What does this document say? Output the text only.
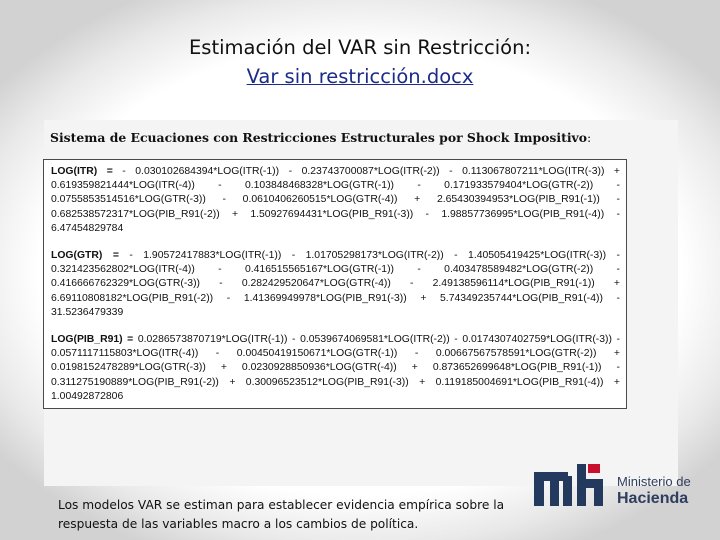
Estimación del VAR sin Restricción:
Var sin restricción.docx
Sistema de Ecuaciones con Restricciones Estructurales por Shock Impositivo:

LOG(ITR) = - 0.030102684394*LOG(ITR(-1)) - 0.23743700087*LOG(ITR(-2)) - 0.113067807211*LOG(ITR(-3)) + 0.619359821444*LOG(ITR(-4)) - 0.103848468328*LOG(GTR(-1)) - 0.171933579404*LOG(GTR(-2)) - 0.0755853514516*LOG(GTR(-3)) - 0.0610406260515*LOG(GTR(-4)) + 2.65430394953*LOG(PIB_R91(-1)) - 0.682538572317*LOG(PIB_R91(-2)) + 1.50927694431*LOG(PIB_R91(-3)) - 1.98857736995*LOG(PIB_R91(-4)) - 6.47454829784

LOG(GTR) = - 1.90572417883*LOG(ITR(-1)) - 1.01705298173*LOG(ITR(-2)) - 1.40505419425*LOG(ITR(-3)) - 0.321423562802*LOG(ITR(-4)) - 0.416515565167*LOG(GTR(-1)) - 0.403478589482*LOG(GTR(-2)) - 0.416666762329*LOG(GTR(-3)) - 0.282429520647*LOG(GTR(-4)) - 2.49138596114*LOG(PIB_R91(-1)) + 6.69110808182*LOG(PIB_R91(-2)) - 1.41369949978*LOG(PIB_R91(-3)) + 5.74349235744*LOG(PIB_R91(-4)) - 31.5236479339

LOG(PIB_R91) = 0.0286573870719*LOG(ITR(-1)) - 0.0539674069581*LOG(ITR(-2)) - 0.0174307402759*LOG(ITR(-3)) - 0.0571117115803*LOG(ITR(-4)) - 0.00450419150671*LOG(GTR(-1)) - 0.00667567578591*LOG(GTR(-2)) + 0.0198152478289*LOG(GTR(-3)) + 0.0230928850936*LOG(GTR(-4)) + 0.873652699648*LOG(PIB_R91(-1)) - 0.311275190889*LOG(PIB_R91(-2)) + 0.30096523512*LOG(PIB_R91(-3)) + 0.119185004691*LOG(PIB_R91(-4)) + 1.00492872806

Los modelos VAR se estiman para establecer evidencia empírica sobre la respuesta de las variables macro a los cambios de política.
Ministerio de
Hacienda
